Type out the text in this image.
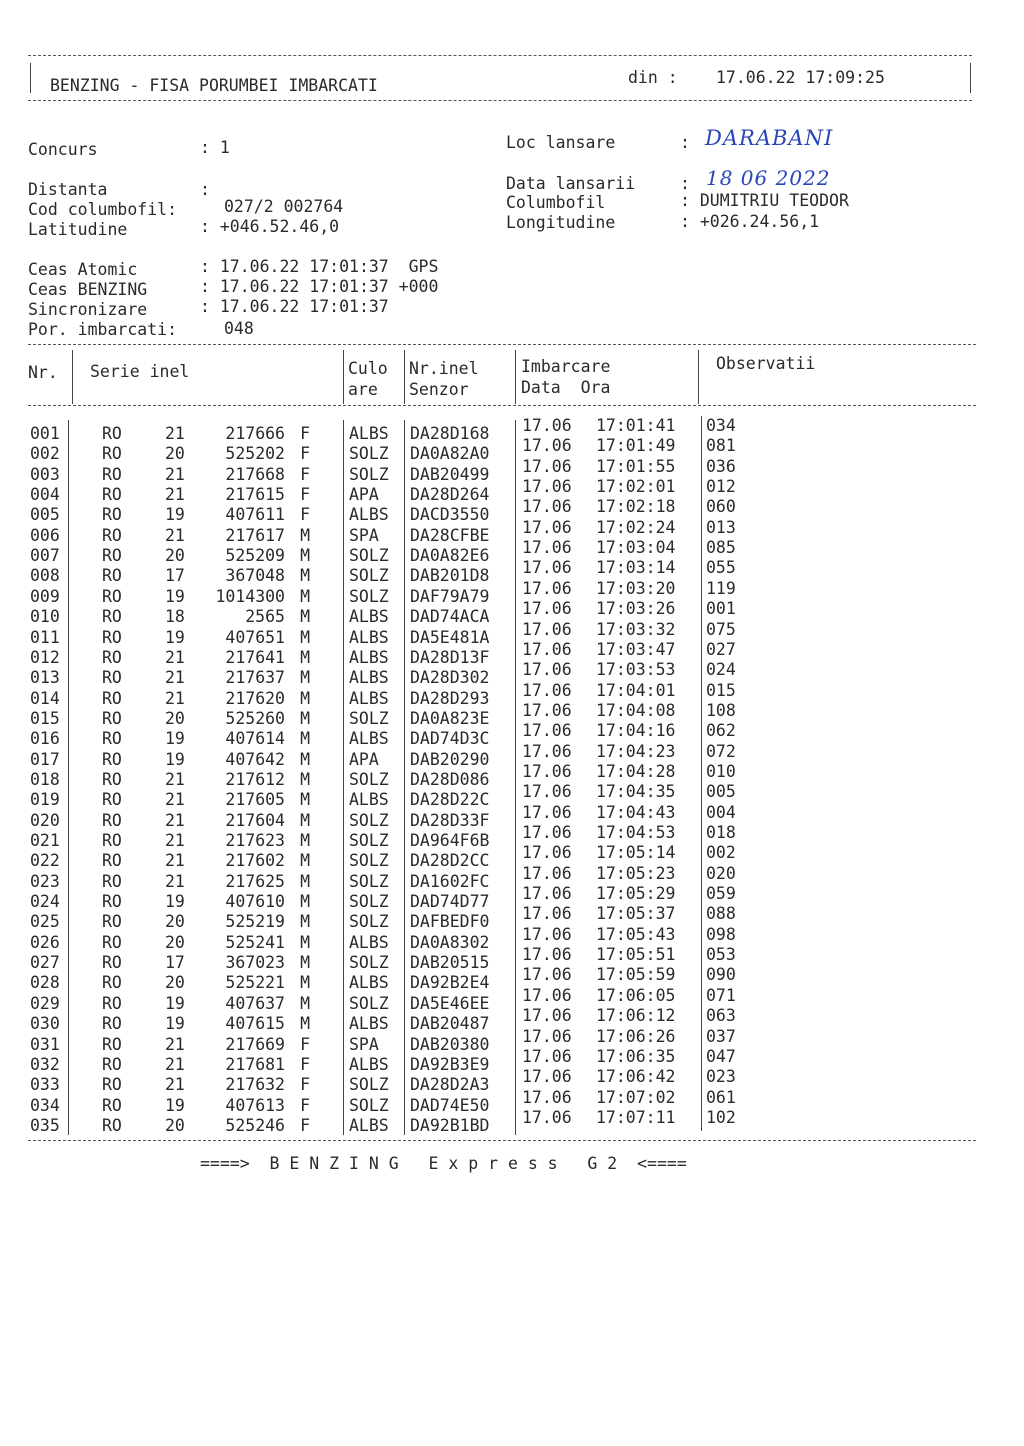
BENZING - FISA PORUMBEI IMBARCATI	din : 17.06.22 17:09:25
Concurs	: 1
Distanta	:
Cod columbofil:	027/2 002764
Latitudine	: +046.52.46,0
Loc lansare	: DARABANI
Data lansarii	: 18 06 2022
Columbofil	: DUMITRIU TEODOR
Longitudine	: +026.24.56,1
Ceas Atomic	: 17.06.22 17:01:37  GPS
Ceas BENZING	: 17.06.22 17:01:37 +000
Sincronizare	: 17.06.22 17:01:37
Por. imbarcati:	048
Nr. Serie inel	Culo
are
Nr.inel
Senzor
Imbarcare
Data  Ora
Observatii
001	RO	21	217666 F ALBS DA28D168 17.06 17:01:41 034
002	RO	20	525202 F SOLZ DA0A82A0 17.06 17:01:49 081
003	RO	21	217668 F SOLZ DAB20499 17.06 17:01:55 036
004	RO	21	217615 F APA DA28D264 17.06 17:02:01 012
005	RO	19	407611 F ALBS DACD3550 17.06 17:02:18 060
006	RO	21	217617 M SPA DA28CFBE 17.06 17:02:24 013
007	RO	20	525209 M SOLZ DA0A82E6 17.06 17:03:04 085
008	RO	17	367048 M SOLZ DAB201D8 17.06 17:03:14 055
009	RO	19	1014300 M SOLZ DAF79A79 17.06 17:03:20 119
010	RO	18	2565 M ALBS DAD74ACA 17.06 17:03:26 001
011	RO	19	407651 M ALBS DA5E481A 17.06 17:03:32 075
012	RO	21	217641 M ALBS DA28D13F 17.06 17:03:47 027
013	RO	21	217637 M ALBS DA28D302 17.06 17:03:53 024
014	RO	21	217620 M ALBS DA28D293 17.06 17:04:01 015
015	RO	20	525260 M SOLZ DA0A823E 17.06 17:04:08 108
016	RO	19	407614 M ALBS DAD74D3C 17.06 17:04:16 062
017	RO	19	407642 M APA DAB20290 17.06 17:04:23 072
018	RO	21	217612 M SOLZ DA28D086 17.06 17:04:28 010
019	RO	21	217605 M ALBS DA28D22C 17.06 17:04:35 005
020	RO	21	217604 M SOLZ DA28D33F 17.06 17:04:43 004
021	RO	21	217623 M SOLZ DA964F6B 17.06 17:04:53 018
022	RO	21	217602 M SOLZ DA28D2CC 17.06 17:05:14 002
023	RO	21	217625 M SOLZ DA1602FC 17.06 17:05:23 020
024	RO	19	407610 M SOLZ DAD74D77 17.06 17:05:29 059
025	RO	20	525219 M SOLZ DAFBEDF0 17.06 17:05:37 088
026	RO	20	525241 M ALBS DA0A8302 17.06 17:05:43 098
027	RO	17	367023 M SOLZ DAB20515 17.06 17:05:51 053
028	RO	20	525221 M ALBS DA92B2E4 17.06 17:05:59 090
029	RO	19	407637 M SOLZ DA5E46EE 17.06 17:06:05 071
030	RO	19	407615 M ALBS DAB20487 17.06 17:06:12 063
031	RO	21	217669 F SPA DAB20380 17.06 17:06:26 037
032	RO	21	217681 F ALBS DA92B3E9 17.06 17:06:35 047
033	RO	21	217632 F SOLZ DA28D2A3 17.06 17:06:42 023
034	RO	19	407613 F SOLZ DAD74E50 17.06 17:07:02 061
035	RO	20	525246 F ALBS DA92B1BD 17.06 17:07:11 102
====>  B E N Z I N G   E x p r e s s   G 2  <====
